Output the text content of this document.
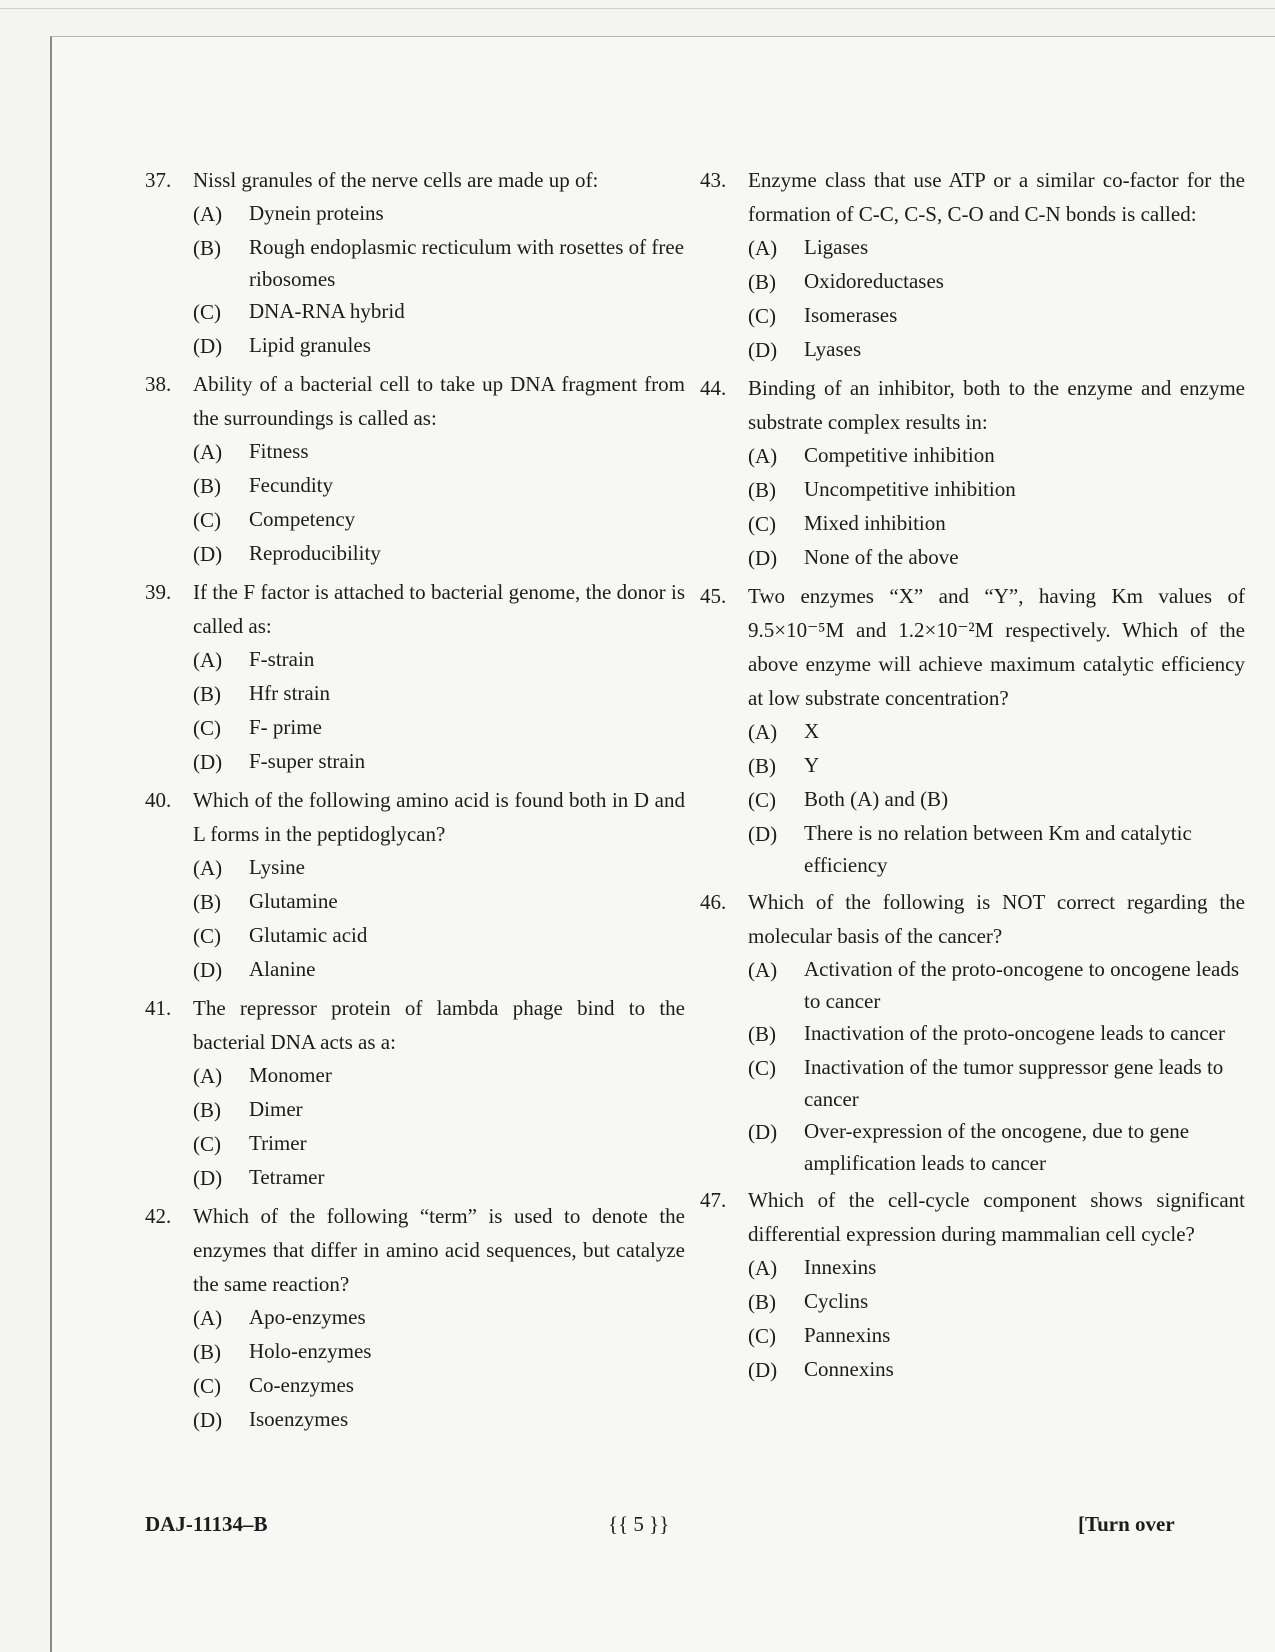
37.	Nissl granules of the nerve cells are made up of:
(A)	Dynein proteins
(B)	Rough endoplasmic recticulum with rosettes of free ribosomes
(C)	DNA-RNA hybrid
(D)	Lipid granules
38.	Ability of a bacterial cell to take up DNA fragment from the surroundings is called as:
(A)	Fitness
(B)	Fecundity
(C)	Competency
(D)	Reproducibility
39.	If the F factor is attached to bacterial genome, the donor is called as:
(A)	F-strain
(B)	Hfr strain
(C)	F- prime
(D)	F-super strain
40.	Which of the following amino acid is found both in D and L forms in the peptidoglycan?
(A)	Lysine
(B)	Glutamine
(C)	Glutamic acid
(D)	Alanine
41.	The repressor protein of lambda phage bind to the bacterial DNA acts as a:
(A)	Monomer
(B)	Dimer
(C)	Trimer
(D)	Tetramer
42.	Which of the following “term” is used to denote the enzymes that differ in amino acid sequences, but catalyze the same reaction?
(A)	Apo-enzymes
(B)	Holo-enzymes
(C)	Co-enzymes
(D)	Isoenzymes
43.	Enzyme class that use ATP or a similar co-factor for the formation of C-C, C-S, C-O and C-N bonds is called:
(A)	Ligases
(B)	Oxidoreductases
(C)	Isomerases
(D)	Lyases
44.	Binding of an inhibitor, both to the enzyme and enzyme substrate complex results in:
(A)	Competitive inhibition
(B)	Uncompetitive inhibition
(C)	Mixed inhibition
(D)	None of the above
45.	Two enzymes “X” and “Y”, having Km values of 9.5×10⁻⁵M and 1.2×10⁻²M respectively. Which of the above enzyme will achieve maximum catalytic efficiency at low substrate concentration?
(A)	X
(B)	Y
(C)	Both (A) and (B)
(D)	There is no relation between Km and catalytic efficiency
46.	Which of the following is NOT correct regarding the molecular basis of the cancer?
(A)	Activation of the proto-oncogene to oncogene leads to cancer
(B)	Inactivation of the proto-oncogene leads to cancer
(C)	Inactivation of the tumor suppressor gene leads to cancer
(D)	Over-expression of the oncogene, due to gene amplification leads to cancer
47.	Which of the cell-cycle component shows significant differential expression during mammalian cell cycle?
(A)	Innexins
(B)	Cyclins
(C)	Pannexins
(D)	Connexins
DAJ-11134–B	{{ 5 }}	[Turn over
